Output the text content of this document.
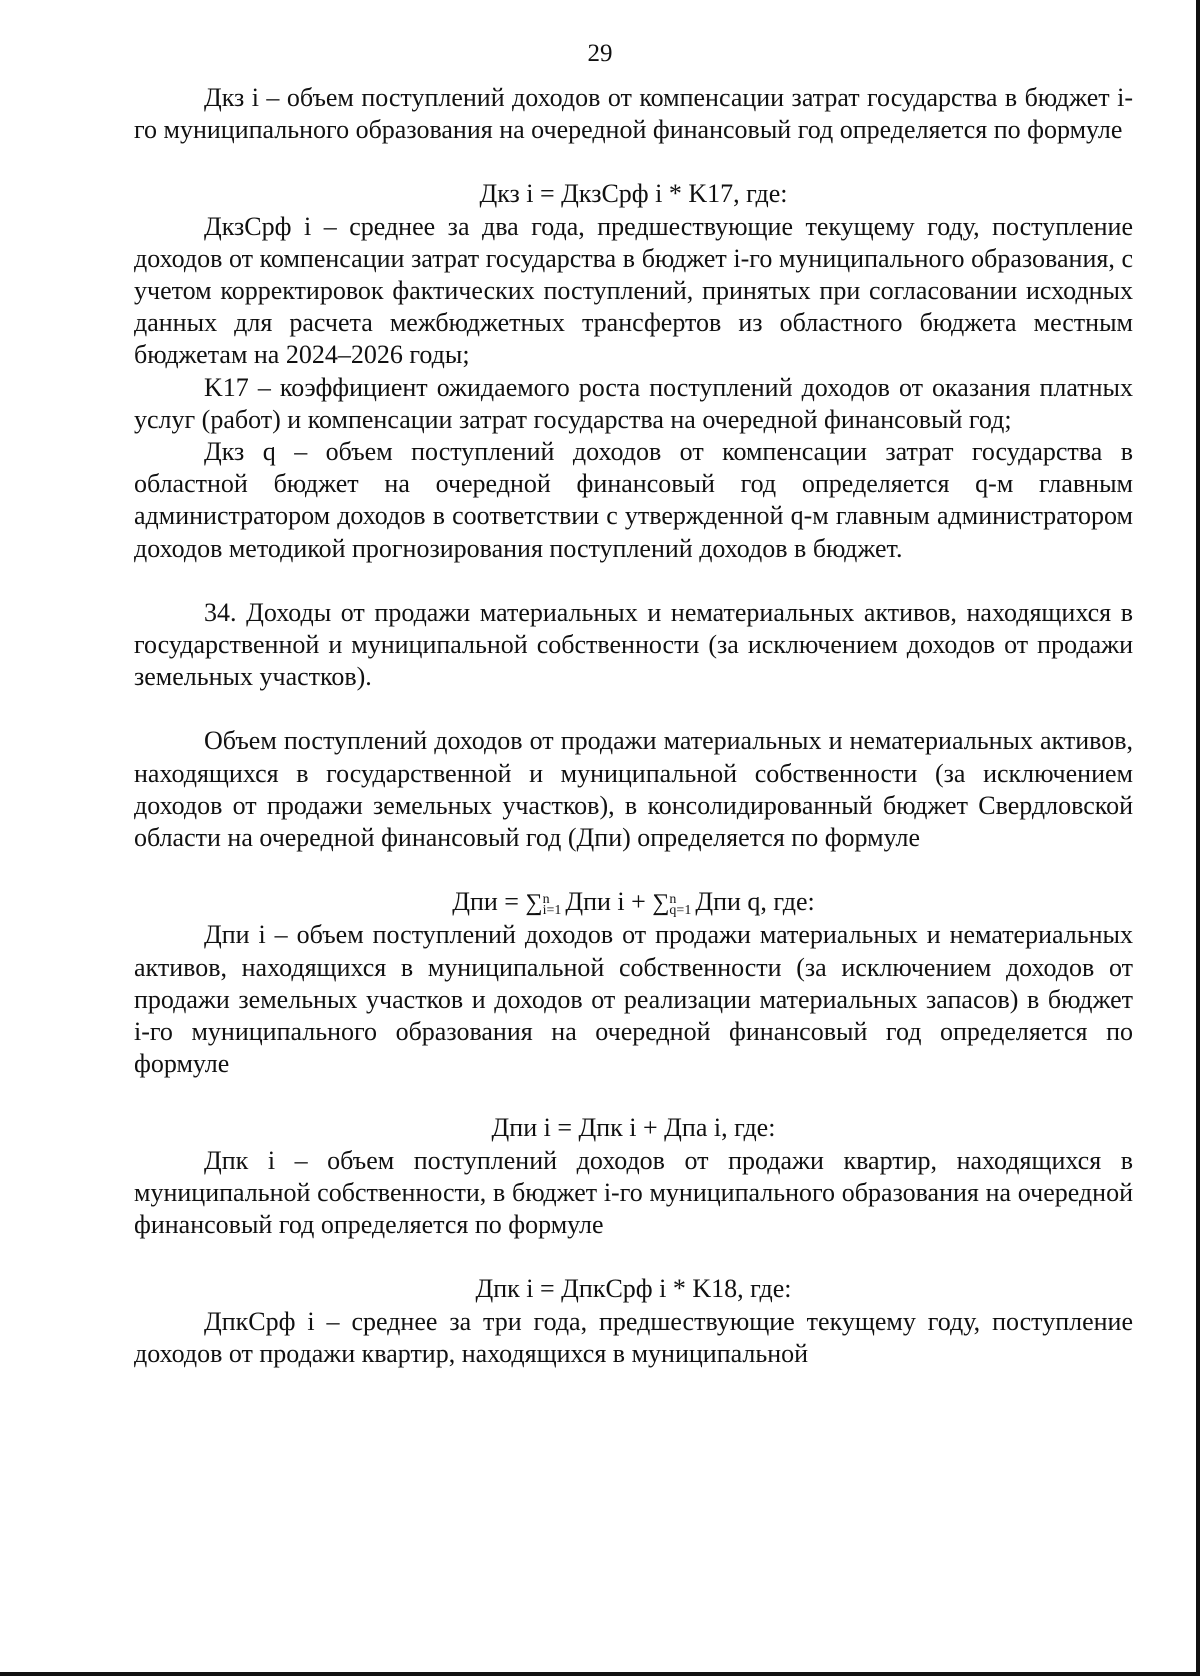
29

Дкз i – объем поступлений доходов от компенсации затрат государства в бюджет i-го муниципального образования на очередной финансовый год определяется по формуле

Дкз i = ДкзСрф i * K17, где:

ДкзСрф i – среднее за два года, предшествующие текущему году, поступление доходов от компенсации затрат государства в бюджет i-го муниципального образования, с учетом корректировок фактических поступлений, принятых при согласовании исходных данных для расчета межбюджетных трансфертов из областного бюджета местным бюджетам на 2024–2026 годы;

K17 – коэффициент ожидаемого роста поступлений доходов от оказания платных услуг (работ) и компенсации затрат государства на очередной финансовый год;

Дкз q – объем поступлений доходов от компенсации затрат государства в областной бюджет на очередной финансовый год определяется q-м главным администратором доходов в соответствии с утвержденной q-м главным администратором доходов методикой прогнозирования поступлений доходов в бюджет.

34. Доходы от продажи материальных и нематериальных активов, находящихся в государственной и муниципальной собственности (за исключением доходов от продажи земельных участков).

Объем поступлений доходов от продажи материальных и нематериальных активов, находящихся в государственной и муниципальной собственности (за исключением доходов от продажи земельных участков), в консолидированный бюджет Свердловской области на очередной финансовый год (Дпи) определяется по формуле

Дпи = ∑ n
i=1 Дпи i + ∑ n
q=1 Дпи q, где:

Дпи i – объем поступлений доходов от продажи материальных и нематериальных активов, находящихся в муниципальной собственности (за исключением доходов от продажи земельных участков и доходов от реализации материальных запасов) в бюджет i-го муниципального образования на очередной финансовый год определяется по формуле

Дпи i = Дпк i + Дпа i, где:

Дпк i – объем поступлений доходов от продажи квартир, находящихся в муниципальной собственности, в бюджет i-го муниципального образования на очередной финансовый год определяется по формуле

Дпк i = ДпкСрф i * K18, где:

ДпкСрф i – среднее за три года, предшествующие текущему году, поступление доходов от продажи квартир, находящихся в муниципальной
